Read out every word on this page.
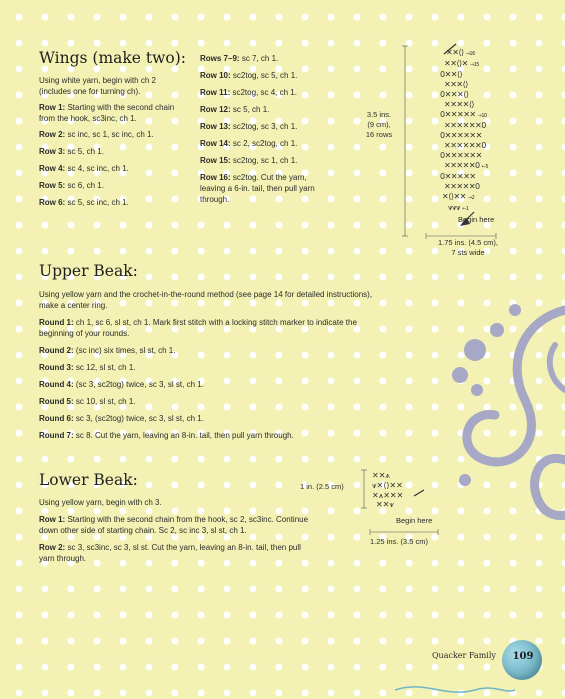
Wings (make two):

Using white yarn, begin with ch 2 (includes one for turning ch).

Row 1: Starting with the second chain from the hook, sc3inc, ch 1.

Row 2: sc inc, sc 1, sc inc, ch 1.

Row 3: sc 5, ch 1.

Row 4: sc 4, sc inc, ch 1.

Row 5: sc 6, ch 1.

Row 6: sc 5, sc inc, ch 1.

Rows 7–9: sc 7, ch 1.

Row 10: sc2tog, sc 5, ch 1.

Row 11: sc2tog, sc 4, ch 1.

Row 12: sc 5, ch 1.

Row 13: sc2tog, sc 3, ch 1.

Row 14: sc 2, sc2tog, ch 1.

Row 15: sc2tog, sc 1, ch 1.

Row 16: sc2tog. Cut the yarn, leaving a 6-in. tail, then pull yarn through.

3.5 ins.
(9 cm),
16 rows
✕✕⟨⟩ →16
✕✕⟨⟩✕ →15
0✕✕⟨⟩
✕✕✕⟨⟩
0✕✕✕⟨⟩
✕✕✕✕⟨⟩
0✕✕✕✕✕ →10
✕✕✕✕✕✕0
0✕✕✕✕✕✕
✕✕✕✕✕✕0
0✕✕✕✕✕✕
✕✕✕✕✕0 ←5
0✕✕✕✕✕
✕✕✕✕✕0
✕⟨⟩✕✕ →2
⩛⩛⩛ ←1
Begin here
1.75 ins. (4.5 cm),
7 sts wide
Upper Beak:

Using yellow yarn and the crochet-in-the-round method (see page 14 for detailed instructions), make a center ring.

Round 1: ch 1, sc 6, sl st, ch 1. Mark first stitch with a locking stitch marker to indicate the beginning of your rounds.

Round 2: (sc inc) six times, sl st, ch 1.

Round 3: sc 12, sl st, ch 1.

Round 4: (sc 3, sc2tog) twice, sc 3, sl st, ch 1.

Round 5: sc 10, sl st, ch 1.

Round 6: sc 3, (sc2tog) twice, sc 3, sl st, ch 1.

Round 7: sc 8. Cut the yarn, leaving an 8-in. tail, then pull yarn through.

Lower Beak:

Using yellow yarn, begin with ch 3.

Row 1: Starting with the second chain from the hook, sc 2, sc3inc. Continue down other side of starting chain. Sc 2, sc inc 3, sl st, ch 1.

Row 2: sc 3, sc3inc, sc 3, sl st. Cut the yarn, leaving an 8-in. tail, then pull yarn through.

1 in. (2.5 cm)
✕✕⩚
⩛✕⟨⟩✕✕
✕⩚✕✕✕
✕✕⩛
Begin here
1.25 ins. (3.5 cm)
Quacker Family	109
